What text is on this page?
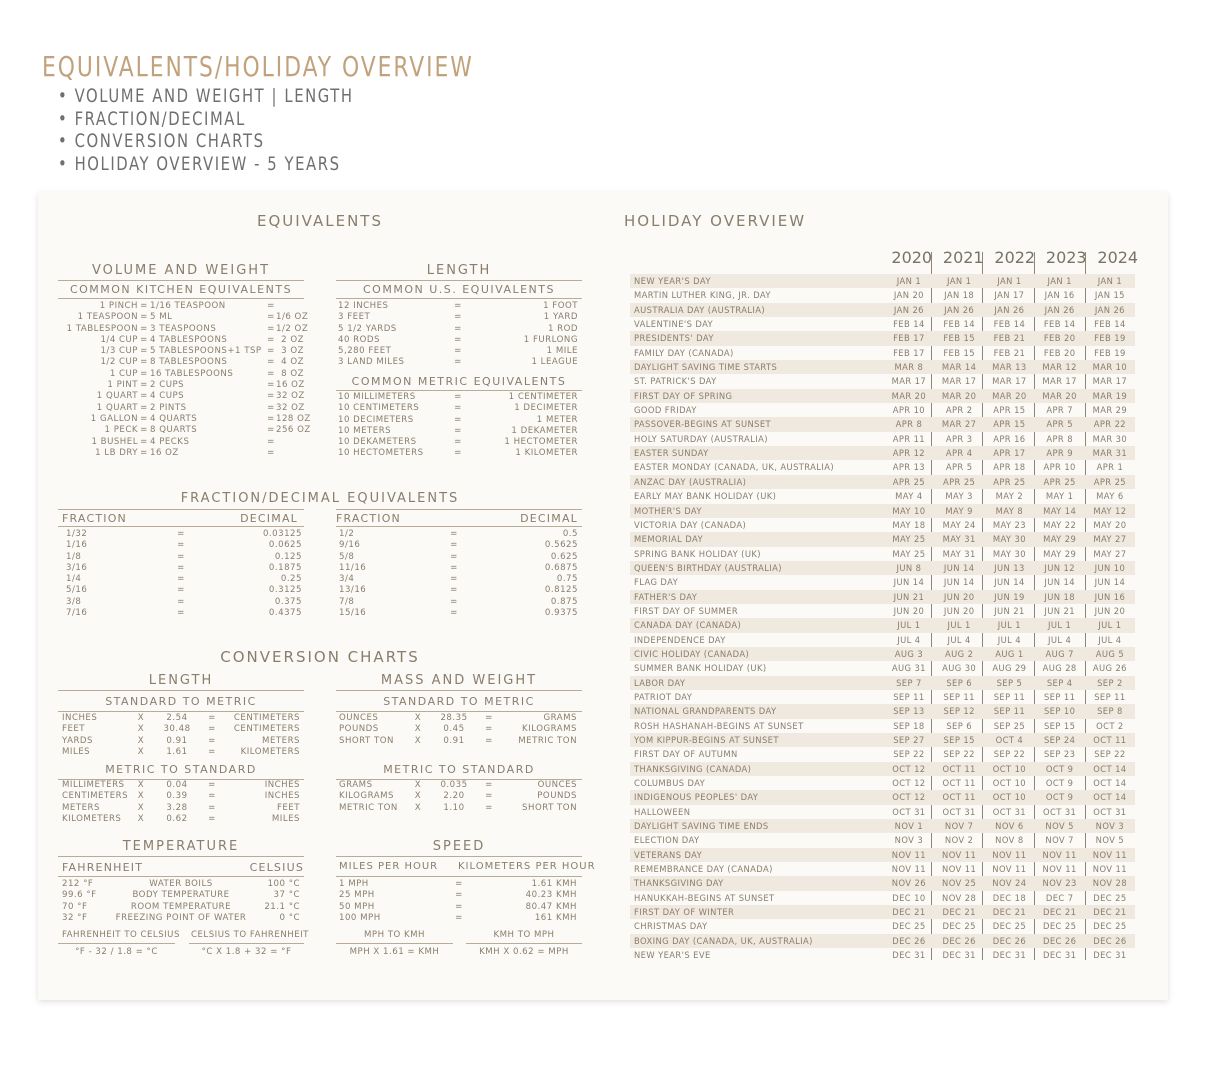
EQUIVALENTS/HOLIDAY OVERVIEW
• VOLUME AND WEIGHT | LENGTH
• FRACTION/DECIMAL
• CONVERSION CHARTS
• HOLIDAY OVERVIEW - 5 YEARS
EQUIVALENTS
VOLUME AND WEIGHT
COMMON KITCHEN EQUIVALENTS
1 PINCH = 1/16 TEASPOON	=
1 TEASPOON = 5 ML	= 1/6 OZ
1 TABLESPOON = 3 TEASPOONS	= 1/2 OZ
1/4 CUP = 4 TABLESPOONS	= 2 OZ
1/3 CUP = 5 TABLESPOONS+1 TSP = 3 OZ
1/2 CUP = 8 TABLESPOONS	= 4 OZ
1 CUP = 16 TABLESPOONS	= 8 OZ
1 PINT = 2 CUPS	= 16 OZ
1 QUART = 4 CUPS	= 32 OZ
1 QUART = 2 PINTS	= 32 OZ
1 GALLON = 4 QUARTS	= 128 OZ
1 PECK = 8 QUARTS	= 256 OZ
1 BUSHEL = 4 PECKS	=
1 LB DRY = 16 OZ	=
LENGTH
COMMON U.S. EQUIVALENTS
12 INCHES	=	1 FOOT
3 FEET	=	1 YARD
5 1/2 YARDS	=	1 ROD
40 RODS	=	1 FURLONG
5,280 FEET	=	1 MILE
3 LAND MILES	=	1 LEAGUE
COMMON METRIC EQUIVALENTS
10 MILLIMETERS	=	1 CENTIMETER
10 CENTIMETERS	=	1 DECIMETER
10 DECIMETERS	=	1 METER
10 METERS	=	1 DEKAMETER
10 DEKAMETERS	=	1 HECTOMETER
10 HECTOMETERS	=	1 KILOMETER
FRACTION/DECIMAL EQUIVALENTS
FRACTION	DECIMAL	FRACTION	DECIMAL
1/32	=	0.03125
1/16	=	0.0625
1/8	=	0.125
3/16	=	0.1875
1/4	=	0.25
5/16	=	0.3125
3/8	=	0.375
7/16	=	0.4375
1/2	=	0.5
9/16	=	0.5625
5/8	=	0.625
11/16	=	0.6875
3/4	=	0.75
13/16	=	0.8125
7/8	=	0.875
15/16	=	0.9375
CONVERSION CHARTS
LENGTH
STANDARD TO METRIC
INCHES	X	2.54	=	CENTIMETERS
FEET	X	30.48	=	CENTIMETERS
YARDS	X	0.91	=	METERS
MILES	X	1.61	=	KILOMETERS
METRIC TO STANDARD
MILLIMETERS	X	0.04	=	INCHES
CENTIMETERS	X	0.39	=	INCHES
METERS	X	3.28	=	FEET
KILOMETERS	X	0.62	=	MILES
MASS AND WEIGHT
STANDARD TO METRIC
OUNCES	X	28.35	=	GRAMS
POUNDS	X	0.45	=	KILOGRAMS
SHORT TON	X	0.91	=	METRIC TON
METRIC TO STANDARD
GRAMS	X	0.035	=	OUNCES
KILOGRAMS	X	2.20	=	POUNDS
METRIC TON	X	1.10	=	SHORT TON
TEMPERATURE
FAHRENHEIT	CELSIUS
212 °F	WATER BOILS	100 °C
99.6 °F	BODY TEMPERATURE	37 °C
70 °F	ROOM TEMPERATURE	21.1 °C
32 °F	FREEZING POINT OF WATER	0 °C
FAHRENHEIT TO CELSIUS CELSIUS TO FAHRENHEIT
°F - 32 / 1.8 = °C	°C X 1.8 + 32 = °F
SPEED
MILES PER HOUR KILOMETERS PER HOUR
1 MPH	=	1.61 KMH
25 MPH	=	40.23 KMH
50 MPH	=	80.47 KMH
100 MPH	=	161 KMH
MPH TO KMH	KMH TO MPH
MPH X 1.61 = KMH	KMH X 0.62 = MPH
HOLIDAY OVERVIEW
2020 2021 2022 2023 2024
NEW YEAR'S DAY	JAN 1	JAN 1	JAN 1	JAN 1	JAN 1
MARTIN LUTHER KING, JR. DAY	JAN 20	JAN 18	JAN 17	JAN 16	JAN 15
AUSTRALIA DAY (AUSTRALIA)	JAN 26	JAN 26	JAN 26	JAN 26	JAN 26
VALENTINE'S DAY	FEB 14	FEB 14	FEB 14	FEB 14	FEB 14
PRESIDENTS' DAY	FEB 17	FEB 15	FEB 21	FEB 20	FEB 19
FAMILY DAY (CANADA)	FEB 17	FEB 15	FEB 21	FEB 20	FEB 19
DAYLIGHT SAVING TIME STARTS	MAR 8	MAR 14	MAR 13	MAR 12	MAR 10
ST. PATRICK'S DAY	MAR 17	MAR 17	MAR 17	MAR 17	MAR 17
FIRST DAY OF SPRING	MAR 20	MAR 20	MAR 20	MAR 20	MAR 19
GOOD FRIDAY	APR 10	APR 2	APR 15	APR 7	MAR 29
PASSOVER-BEGINS AT SUNSET	APR 8	MAR 27	APR 15	APR 5	APR 22
HOLY SATURDAY (AUSTRALIA)	APR 11	APR 3	APR 16	APR 8	MAR 30
EASTER SUNDAY	APR 12	APR 4	APR 17	APR 9	MAR 31
EASTER MONDAY (CANADA, UK, AUSTRALIA)	APR 13	APR 5	APR 18	APR 10	APR 1
ANZAC DAY (AUSTRALIA)	APR 25	APR 25	APR 25	APR 25	APR 25
EARLY MAY BANK HOLIDAY (UK)	MAY 4	MAY 3	MAY 2	MAY 1	MAY 6
MOTHER'S DAY	MAY 10	MAY 9	MAY 8	MAY 14	MAY 12
VICTORIA DAY (CANADA)	MAY 18	MAY 24	MAY 23	MAY 22	MAY 20
MEMORIAL DAY	MAY 25	MAY 31	MAY 30	MAY 29	MAY 27
SPRING BANK HOLIDAY (UK)	MAY 25	MAY 31	MAY 30	MAY 29	MAY 27
QUEEN'S BIRTHDAY (AUSTRALIA)	JUN 8	JUN 14	JUN 13	JUN 12	JUN 10
FLAG DAY	JUN 14	JUN 14	JUN 14	JUN 14	JUN 14
FATHER'S DAY	JUN 21	JUN 20	JUN 19	JUN 18	JUN 16
FIRST DAY OF SUMMER	JUN 20	JUN 20	JUN 21	JUN 21	JUN 20
CANADA DAY (CANADA)	JUL 1	JUL 1	JUL 1	JUL 1	JUL 1
INDEPENDENCE DAY	JUL 4	JUL 4	JUL 4	JUL 4	JUL 4
CIVIC HOLIDAY (CANADA)	AUG 3	AUG 2	AUG 1	AUG 7	AUG 5
SUMMER BANK HOLIDAY (UK)	AUG 31	AUG 30	AUG 29	AUG 28	AUG 26
LABOR DAY	SEP 7	SEP 6	SEP 5	SEP 4	SEP 2
PATRIOT DAY	SEP 11	SEP 11	SEP 11	SEP 11	SEP 11
NATIONAL GRANDPARENTS DAY	SEP 13	SEP 12	SEP 11	SEP 10	SEP 8
ROSH HASHANAH-BEGINS AT SUNSET	SEP 18	SEP 6	SEP 25	SEP 15	OCT 2
YOM KIPPUR-BEGINS AT SUNSET	SEP 27	SEP 15	OCT 4	SEP 24	OCT 11
FIRST DAY OF AUTUMN	SEP 22	SEP 22	SEP 22	SEP 23	SEP 22
THANKSGIVING (CANADA)	OCT 12	OCT 11	OCT 10	OCT 9	OCT 14
COLUMBUS DAY	OCT 12	OCT 11	OCT 10	OCT 9	OCT 14
INDIGENOUS PEOPLES' DAY	OCT 12	OCT 11	OCT 10	OCT 9	OCT 14
HALLOWEEN	OCT 31	OCT 31	OCT 31	OCT 31	OCT 31
DAYLIGHT SAVING TIME ENDS	NOV 1	NOV 7	NOV 6	NOV 5	NOV 3
ELECTION DAY	NOV 3	NOV 2	NOV 8	NOV 7	NOV 5
VETERANS DAY	NOV 11	NOV 11	NOV 11	NOV 11	NOV 11
REMEMBRANCE DAY (CANADA)	NOV 11	NOV 11	NOV 11	NOV 11	NOV 11
THANKSGIVING DAY	NOV 26	NOV 25	NOV 24	NOV 23	NOV 28
HANUKKAH-BEGINS AT SUNSET	DEC 10	NOV 28	DEC 18	DEC 7	DEC 25
FIRST DAY OF WINTER	DEC 21	DEC 21	DEC 21	DEC 21	DEC 21
CHRISTMAS DAY	DEC 25	DEC 25	DEC 25	DEC 25	DEC 25
BOXING DAY (CANADA, UK, AUSTRALIA)	DEC 26	DEC 26	DEC 26	DEC 26	DEC 26
NEW YEAR'S EVE	DEC 31	DEC 31	DEC 31	DEC 31	DEC 31
